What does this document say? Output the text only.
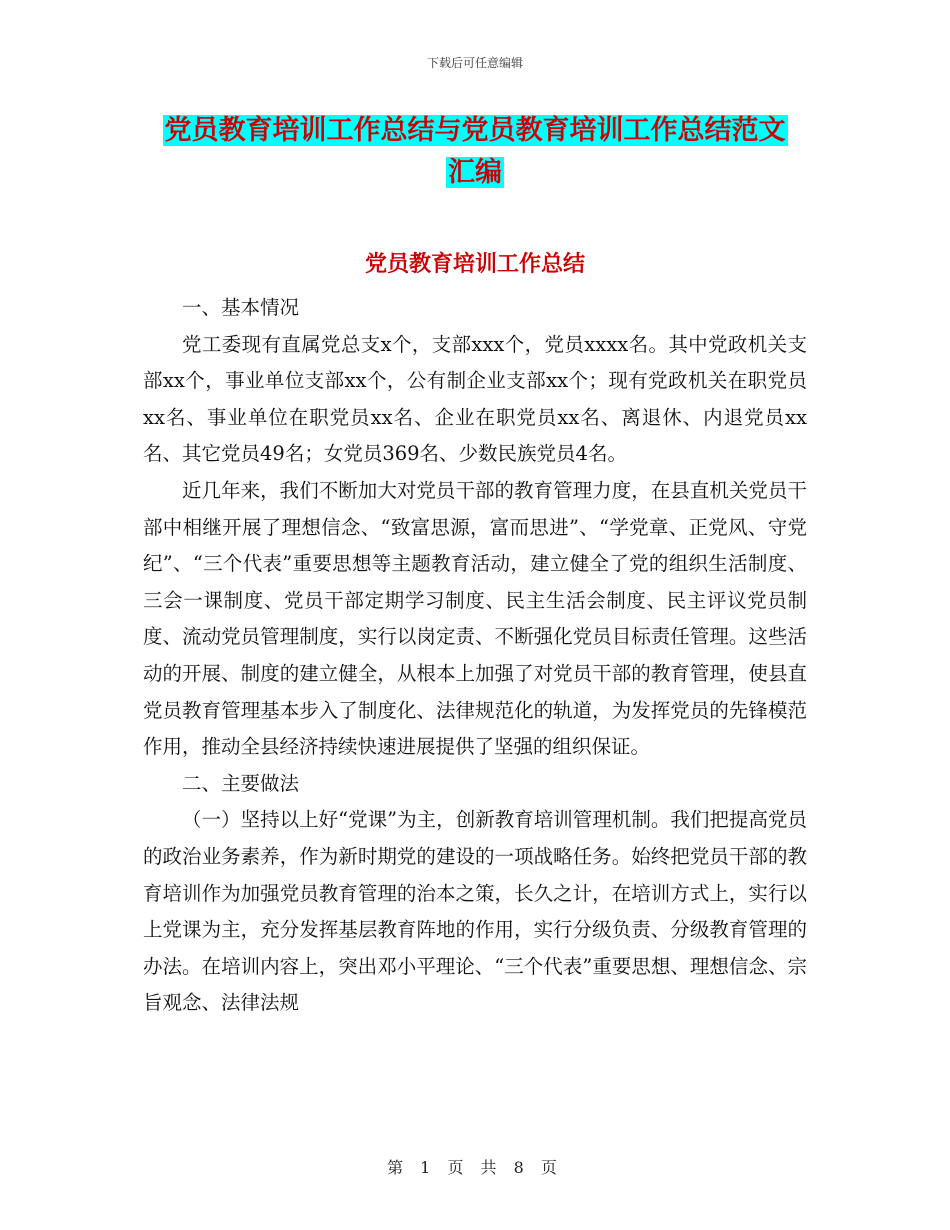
下载后可任意编辑
党员教育培训工作总结与党员教育培训工作总结范文
汇编
党员教育培训工作总结

一、基本情况

党工委现有直属党总支x个，支部xxx个，党员xxxx名。其中党政机关支部xx个，事业单位支部xx个，公有制企业支部xx个；现有党政机关在职党员xx名、事业单位在职党员xx名、企业在职党员xx名、离退休、内退党员xx名、其它党员49名；女党员369名、少数民族党员4名。

近几年来，我们不断加大对党员干部的教育管理力度，在县直机关党员干部中相继开展了理想信念、“致富思源，富而思进”、“学党章、正党风、守党纪”、“三个代表”重要思想等主题教育活动，建立健全了党的组织生活制度、三会一课制度、党员干部定期学习制度、民主生活会制度、民主评议党员制度、流动党员管理制度，实行以岗定责、不断强化党员目标责任管理。这些活动的开展、制度的建立健全，从根本上加强了对党员干部的教育管理，使县直党员教育管理基本步入了制度化、法律规范化的轨道，为发挥党员的先锋模范作用，推动全县经济持续快速进展提供了坚强的组织保证。

二、主要做法

（一）坚持以上好“党课”为主，创新教育培训管理机制。我们把提高党员的政治业务素养，作为新时期党的建设的一项战略任务。始终把党员干部的教育培训作为加强党员教育管理的治本之策，长久之计，在培训方式上，实行以上党课为主，充分发挥基层教育阵地的作用，实行分级负责、分级教育管理的办法。在培训内容上，突出邓小平理论、“三个代表”重要思想、理想信念、宗旨观念、法律法规

第 1 页 共 8 页
